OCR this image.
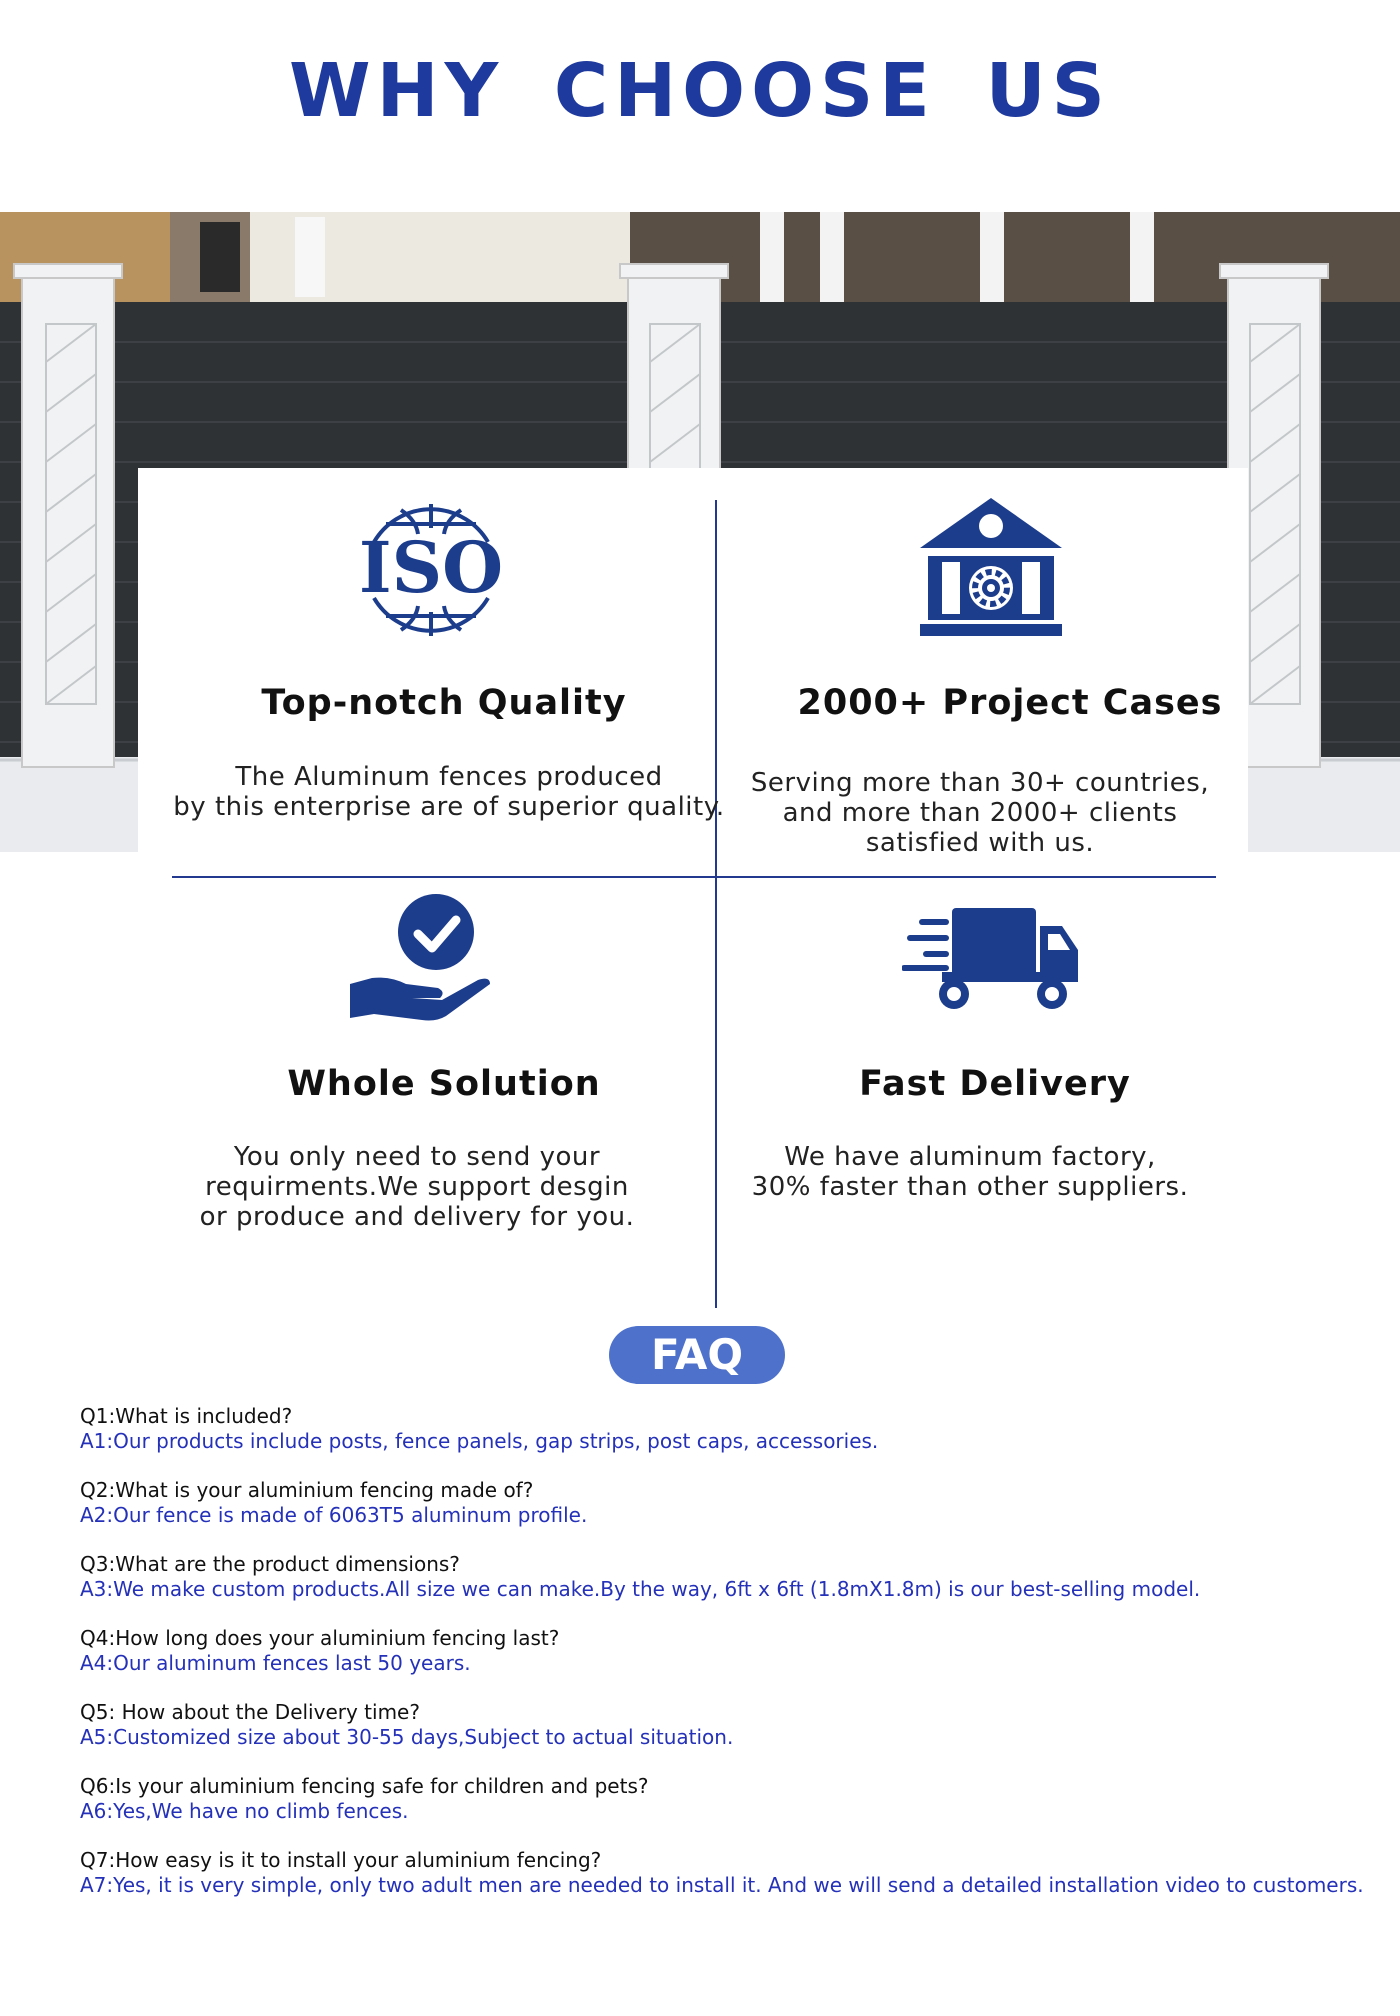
WHY CHOOSE US
ISO
Top-notch Quality
The Aluminum fences produced
by this enterprise are of superior quality.
2000+ Project Cases
Serving more than 30+ countries,
and more than 2000+ clients
satisfied with us.
Whole Solution
You only need to send your
requirments.We support desgin
or produce and delivery for you.
Fast Delivery
We have aluminum factory,
30% faster than other suppliers.
FAQ
Q1:What is included?
A1:Our products include posts, fence panels, gap strips, post caps, accessories.
Q2:What is your aluminium fencing made of?
A2:Our fence is made of 6063T5 aluminum profile.
Q3:What are the product dimensions?
A3:We make custom products.All size we can make.By the way, 6ft x 6ft (1.8mX1.8m) is our best-selling model.
Q4:How long does your aluminium fencing last?
A4:Our aluminum fences last 50 years.
Q5: How about the Delivery time?
A5:Customized size about 30-55 days,Subject to actual situation.
Q6:Is your aluminium fencing safe for children and pets?
A6:Yes,We have no climb fences.
Q7:How easy is it to install your aluminium fencing?
A7:Yes, it is very simple, only two adult men are needed to install it. And we will send a detailed installation video to customers.
